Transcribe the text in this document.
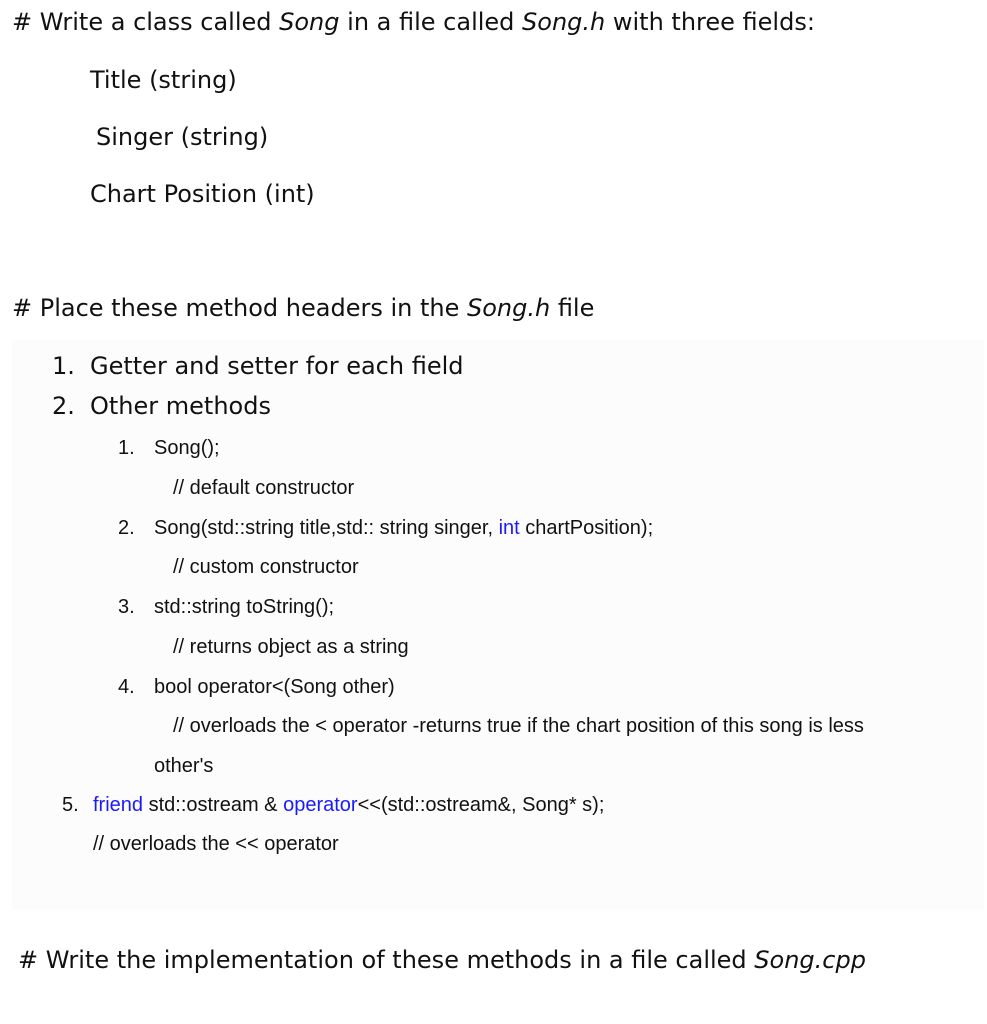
# Write a class called Song in a file called Song.h with three fields:
Title (string)
Singer (string)
Chart Position (int)
# Place these method headers in the Song.h file
1. Getter and setter for each field
2. Other methods
1. Song();
// default constructor
2. Song(std::string title,std:: string singer, int chartPosition);
// custom constructor
3. std::string toString();
// returns object as a string
4. bool operator<(Song other)
// overloads the < operator -returns true if the chart position of this song is less
other's
5. friend std::ostream & operator<<(std::ostream&, Song* s);
// overloads the << operator
# Write the implementation of these methods in a file called Song.cpp
